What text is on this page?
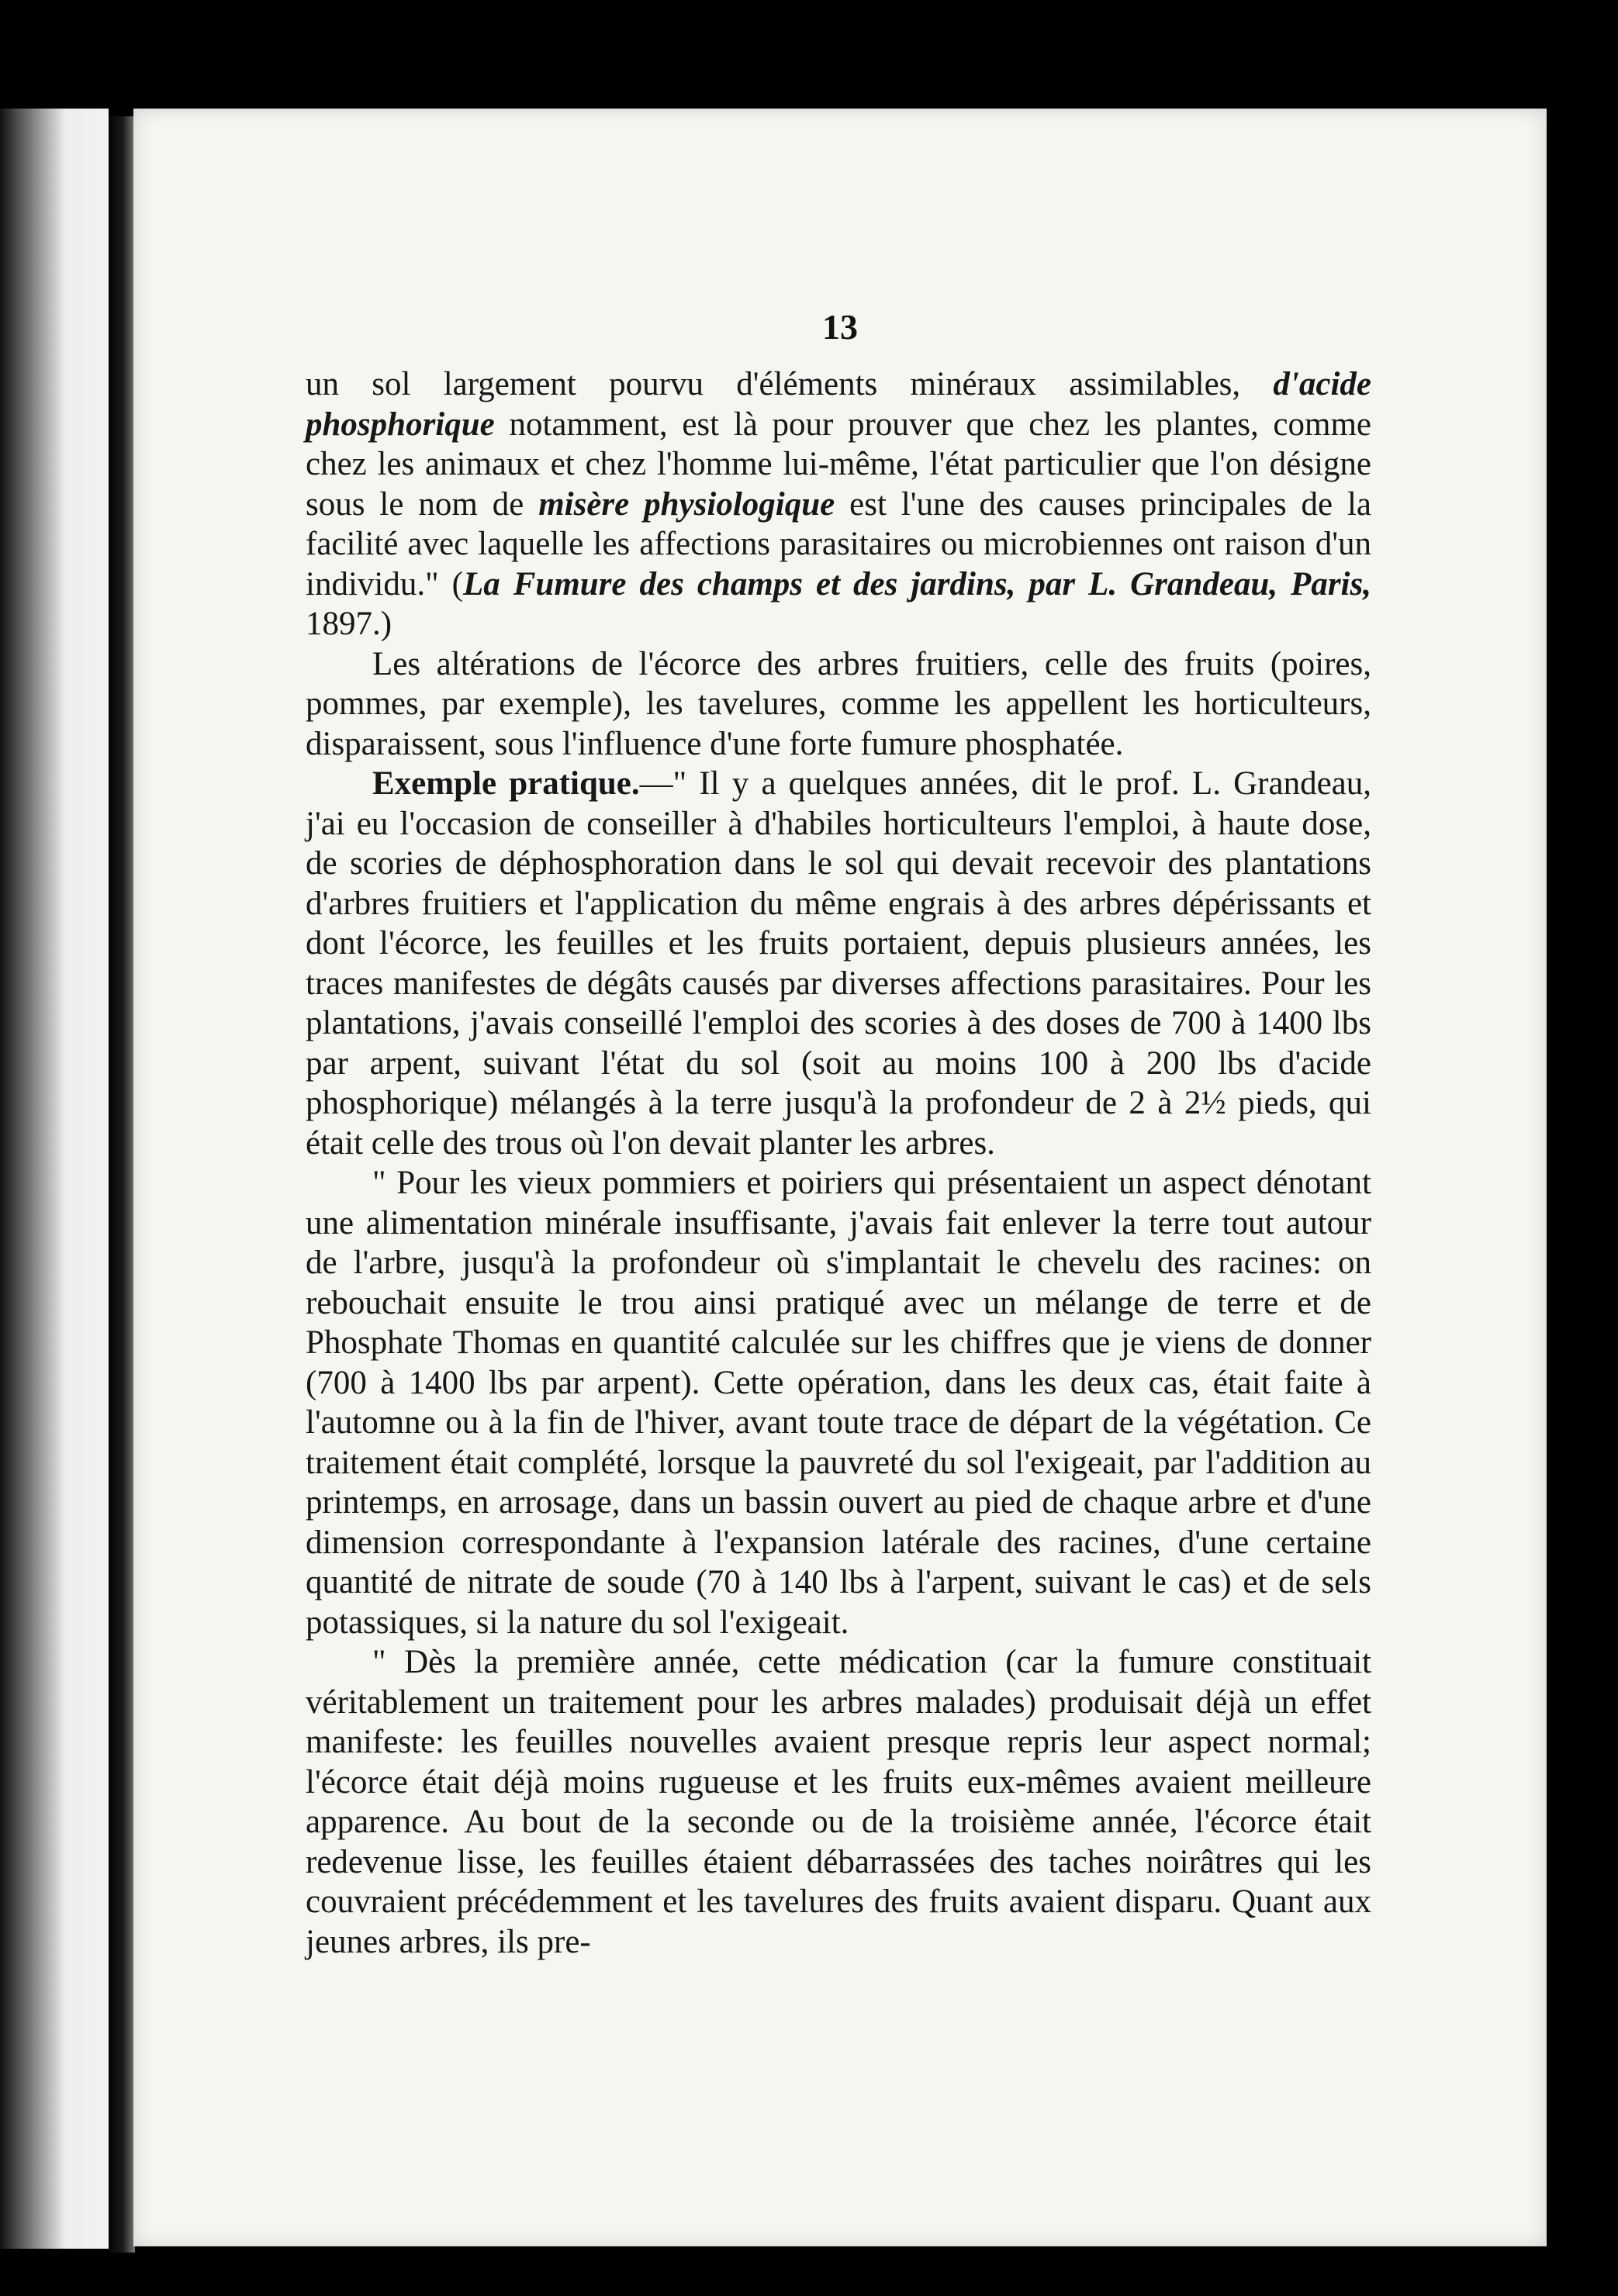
13

un sol largement pourvu d'éléments minéraux assimilables, d'acide phosphorique notamment, est là pour prouver que chez les plantes, comme chez les animaux et chez l'homme lui-même, l'état particulier que l'on désigne sous le nom de misère physiologique est l'une des causes principales de la facilité avec laquelle les affections parasitaires ou microbiennes ont raison d'un individu." (La Fumure des champs et des jardins, par L. Grandeau, Paris, 1897.)

Les altérations de l'écorce des arbres fruitiers, celle des fruits (poires, pommes, par exemple), les tavelures, comme les appellent les horticulteurs, disparaissent, sous l'influence d'une forte fumure phosphatée.

Exemple pratique.—" Il y a quelques années, dit le prof. L. Grandeau, j'ai eu l'occasion de conseiller à d'habiles horticulteurs l'emploi, à haute dose, de scories de déphosphoration dans le sol qui devait recevoir des plantations d'arbres fruitiers et l'application du même engrais à des arbres dépérissants et dont l'écorce, les feuilles et les fruits portaient, depuis plusieurs années, les traces manifestes de dégâts causés par diverses affections parasitaires. Pour les plantations, j'avais conseillé l'emploi des scories à des doses de 700 à 1400 lbs par arpent, suivant l'état du sol (soit au moins 100 à 200 lbs d'acide phosphorique) mélangés à la terre jusqu'à la profondeur de 2 à 2½ pieds, qui était celle des trous où l'on devait planter les arbres.

" Pour les vieux pommiers et poiriers qui présentaient un aspect dénotant une alimentation minérale insuffisante, j'avais fait enlever la terre tout autour de l'arbre, jusqu'à la profondeur où s'implantait le chevelu des racines: on rebouchait ensuite le trou ainsi pratiqué avec un mélange de terre et de Phosphate Thomas en quantité calculée sur les chiffres que je viens de donner (700 à 1400 lbs par arpent). Cette opération, dans les deux cas, était faite à l'automne ou à la fin de l'hiver, avant toute trace de départ de la végétation. Ce traitement était complété, lorsque la pauvreté du sol l'exigeait, par l'addition au printemps, en arrosage, dans un bassin ouvert au pied de chaque arbre et d'une dimension correspondante à l'expansion latérale des racines, d'une certaine quantité de nitrate de soude (70 à 140 lbs à l'arpent, suivant le cas) et de sels potassiques, si la nature du sol l'exigeait.

" Dès la première année, cette médication (car la fumure constituait véritablement un traitement pour les arbres malades) produisait déjà un effet manifeste: les feuilles nouvelles avaient presque repris leur aspect normal; l'écorce était déjà moins rugueuse et les fruits eux-mêmes avaient meilleure apparence. Au bout de la seconde ou de la troisième année, l'écorce était redevenue lisse, les feuilles étaient débarrassées des taches noirâtres qui les couvraient précédemment et les tavelures des fruits avaient disparu. Quant aux jeunes arbres, ils pre-
